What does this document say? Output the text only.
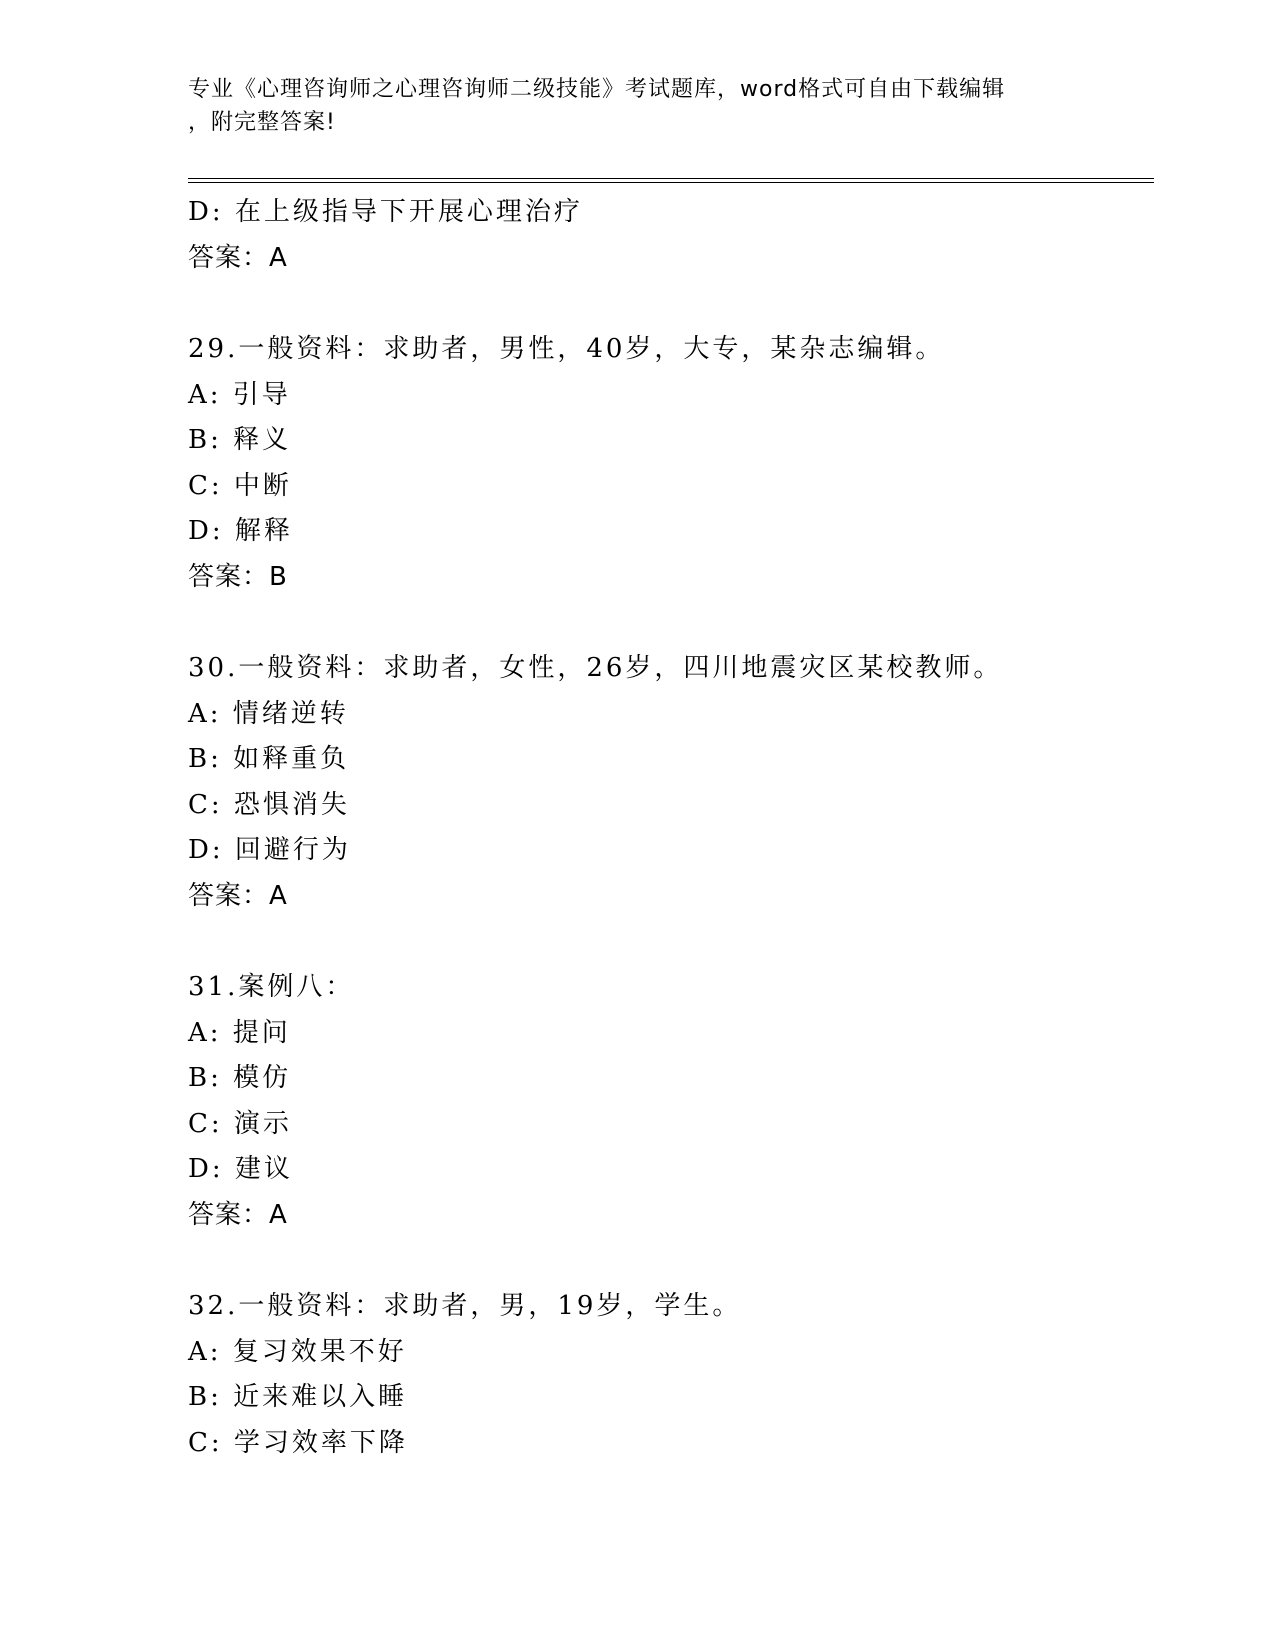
专业《心理咨询师之心理咨询师二级技能》考试题库，word格式可自由下载编辑
，附完整答案!
D: 在上级指导下开展心理治疗
答案：A
29.一般资料：求助者，男性，40岁，大专，某杂志编辑。
A: 引导
B: 释义
C: 中断
D: 解释
答案：B
30.一般资料：求助者，女性，26岁，四川地震灾区某校教师。
A: 情绪逆转
B: 如释重负
C: 恐惧消失
D: 回避行为
答案：A
31.案例八：
A: 提问
B: 模仿
C: 演示
D: 建议
答案：A
32.一般资料：求助者，男，19岁，学生。
A: 复习效果不好
B: 近来难以入睡
C: 学习效率下降
